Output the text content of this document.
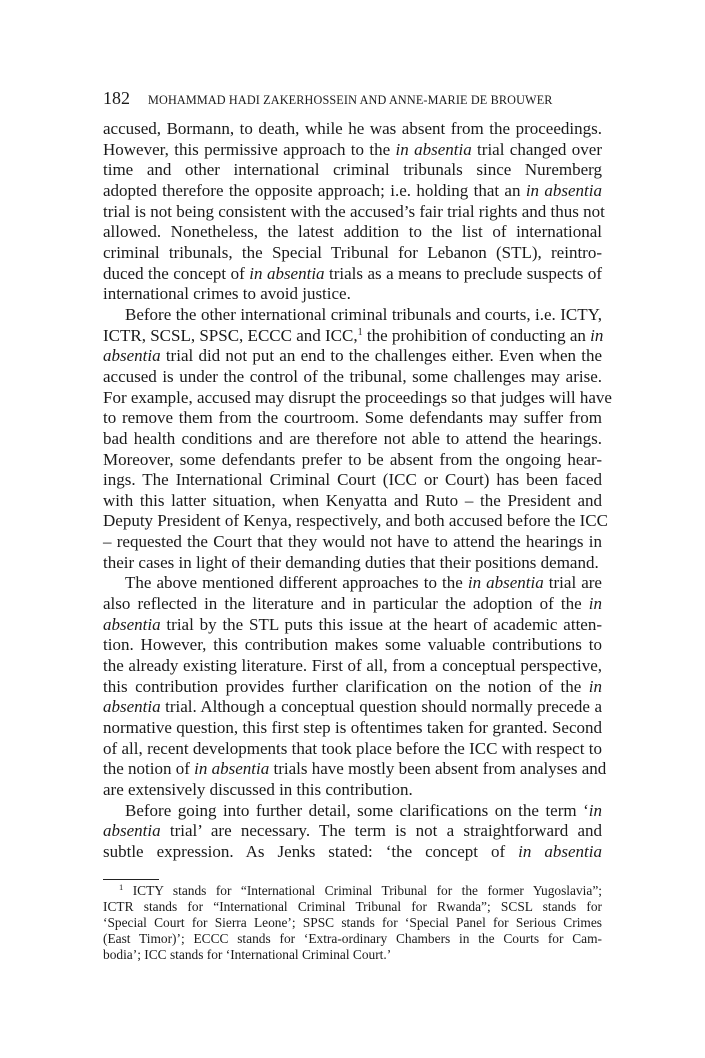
182 MOHAMMAD HADI ZAKERHOSSEIN AND ANNE-MARIE DE BROUWER
accused, Bormann, to death, while he was absent from the proceedings.
However, this permissive approach to the in absentia trial changed over
time and other international criminal tribunals since Nuremberg
adopted therefore the opposite approach; i.e. holding that an in absentia
trial is not being consistent with the accused’s fair trial rights and thus not
allowed. Nonetheless, the latest addition to the list of international
criminal tribunals, the Special Tribunal for Lebanon (STL), reintro-
duced the concept of in absentia trials as a means to preclude suspects of
international crimes to avoid justice.
Before the other international criminal tribunals and courts, i.e. ICTY,
ICTR, SCSL, SPSC, ECCC and ICC,$^1$ the prohibition of conducting an in
absentia trial did not put an end to the challenges either. Even when the
accused is under the control of the tribunal, some challenges may arise.
For example, accused may disrupt the proceedings so that judges will have
to remove them from the courtroom. Some defendants may suffer from
bad health conditions and are therefore not able to attend the hearings.
Moreover, some defendants prefer to be absent from the ongoing hear-
ings. The International Criminal Court (ICC or Court) has been faced
with this latter situation, when Kenyatta and Ruto – the President and
Deputy President of Kenya, respectively, and both accused before the ICC
– requested the Court that they would not have to attend the hearings in
their cases in light of their demanding duties that their positions demand.
The above mentioned different approaches to the in absentia trial are
also reflected in the literature and in particular the adoption of the in
absentia trial by the STL puts this issue at the heart of academic atten-
tion. However, this contribution makes some valuable contributions to
the already existing literature. First of all, from a conceptual perspective,
this contribution provides further clarification on the notion of the in
absentia trial. Although a conceptual question should normally precede a
normative question, this first step is oftentimes taken for granted. Second
of all, recent developments that took place before the ICC with respect to
the notion of in absentia trials have mostly been absent from analyses and
are extensively discussed in this contribution.
Before going into further detail, some clarifications on the term ‘in
absentia trial’ are necessary. The term is not a straightforward and
subtle expression. As Jenks stated: ‘the concept of in absentia
$^1$ ICTY stands for “International Criminal Tribunal for the former Yugoslavia”;
ICTR stands for “International Criminal Tribunal for Rwanda”; SCSL stands for
‘Special Court for Sierra Leone’; SPSC stands for ‘Special Panel for Serious Crimes
(East Timor)’; ECCC stands for ‘Extra-ordinary Chambers in the Courts for Cam-
bodia’; ICC stands for ‘International Criminal Court.’
